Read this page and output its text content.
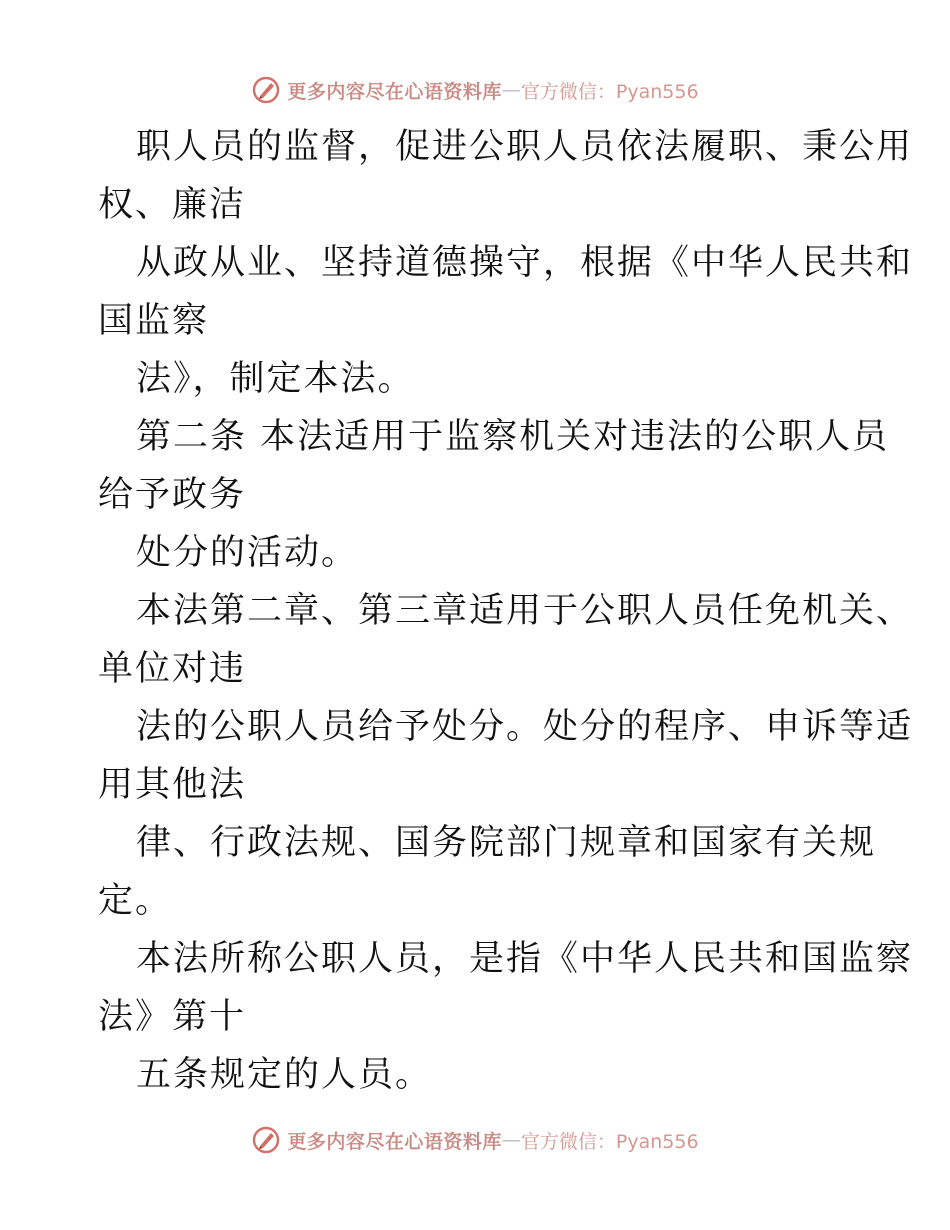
更多内容尽在心语资料库 — 官方微信：Pyan556
职人员的监督，促进公职人员依法履职、秉公用
权、廉洁
从政从业、坚持道德操守，根据《中华人民共和
国监察
法》，制定本法。
第二条 本法适用于监察机关对违法的公职人员
给予政务
处分的活动。
本法第二章、第三章适用于公职人员任免机关、
单位对违
法的公职人员给予处分。处分的程序、申诉等适
用其他法
律、行政法规、国务院部门规章和国家有关规
定。
本法所称公职人员，是指《中华人民共和国监察
法》第十
五条规定的人员。
更多内容尽在心语资料库 — 官方微信：Pyan556
